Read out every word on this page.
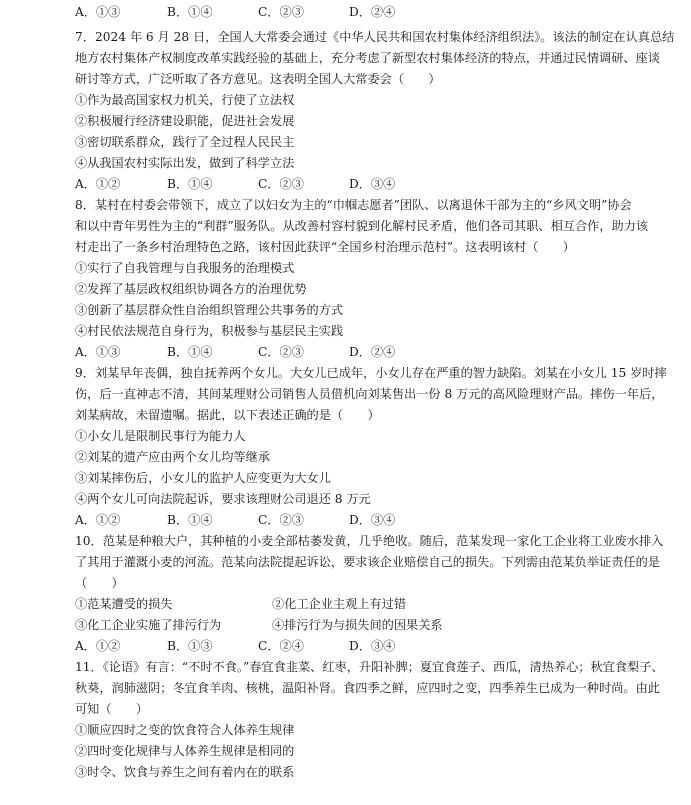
A．①③	B．①④	C．②③	D．②④
7．2024 年 6 月 28 日，全国人大常委会通过《中华人民共和国农村集体经济组织法》。该法的制定在认真总结
地方农村集体产权制度改革实践经验的基础上，充分考虑了新型农村集体经济的特点，并通过民情调研、座谈
研讨等方式，广泛听取了各方意见。这表明全国人大常委会（　　）
①作为最高国家权力机关，行使了立法权
②积极履行经济建设职能，促进社会发展
③密切联系群众，践行了全过程人民民主
④从我国农村实际出发，做到了科学立法
A．①②	B．①④	C．②③	D．③④
8．某村在村委会带领下，成立了以妇女为主的“巾帼志愿者”团队、以离退休干部为主的“乡风文明”协会
和以中青年男性为主的“利群”服务队。从改善村容村貌到化解村民矛盾，他们各司其职、相互合作，助力该
村走出了一条乡村治理特色之路，该村因此获评“全国乡村治理示范村”。这表明该村（　　）
①实行了自我管理与自我服务的治理模式
②发挥了基层政权组织协调各方的治理优势
③创新了基层群众性自治组织管理公共事务的方式
④村民依法规范自身行为，积极参与基层民主实践
A．①③	B．①④	C．②③	D．②④
9．刘某早年丧偶，独自抚养两个女儿。大女儿已成年，小女儿存在严重的智力缺陷。刘某在小女儿 15 岁时摔
伤，后一直神志不清，其间某理财公司销售人员借机向刘某售出一份 8 万元的高风险理财产品。摔伤一年后，
刘某病故，未留遗嘱。据此，以下表述正确的是（　　）
①小女儿是限制民事行为能力人
②刘某的遗产应由两个女儿均等继承
③刘某摔伤后，小女儿的监护人应变更为大女儿
④两个女儿可向法院起诉，要求该理财公司退还 8 万元
A．①②	B．①④	C．②③	D．③④
10．范某是种粮大户，其种植的小麦全部枯萎发黄，几乎绝收。随后，范某发现一家化工企业将工业废水排入
了其用于灌溉小麦的河流。范某向法院提起诉讼，要求该企业赔偿自己的损失。下列需由范某负举证责任的是
（　　）
①范某遭受的损失	②化工企业主观上有过错
③化工企业实施了排污行为	④排污行为与损失间的因果关系
A．①②	B．①③	C．②④	D．③④
11．《论语》有言：“不时不食。”春宜食韭菜、红枣，升阳补脾；夏宜食莲子、西瓜，清热养心；秋宜食梨子、
秋葵，润肺滋阴；冬宜食羊肉、核桃，温阳补肾。食四季之鲜，应四时之变，四季养生已成为一种时尚。由此
可知（　　）
①顺应四时之变的饮食符合人体养生规律
②四时变化规律与人体养生规律是相同的
③时令、饮食与养生之间有着内在的联系
